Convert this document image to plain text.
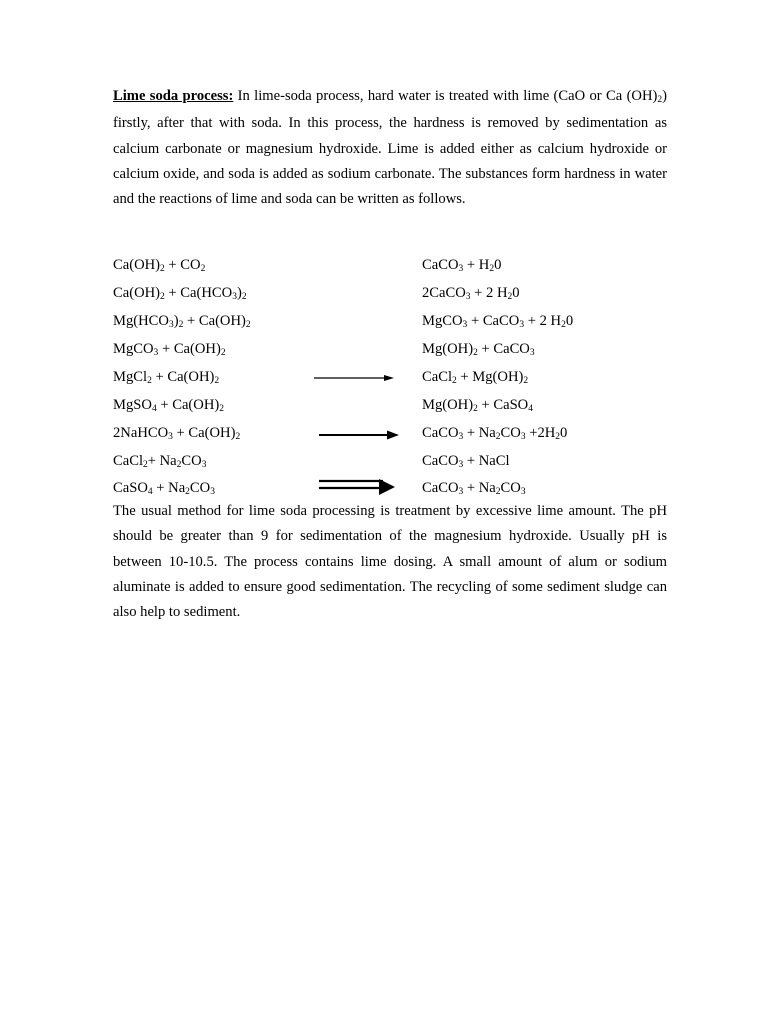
Lime soda process: In lime-soda process, hard water is treated with lime (CaO or Ca $(OH)_2$) firstly, after that with soda. In this process, the hardness is removed by sedimentation as calcium carbonate or magnesium hydroxide. Lime is added either as calcium hydroxide or calcium oxide, and soda is added as sodium carbonate. The substances form hardness in water and the reactions of lime and soda can be written as follows.

$Ca(OH)_2 + CO_2$	CaCO$_3$ + $H_20$
$Ca(OH)_2 + Ca(HCO_3)_2$	2CaCO$_3$ + 2 $H_20$
$Mg(HCO_3)_2 + Ca(OH)_2$	MgCO$_3$ + CaCO$_3$ + 2 $H_20$
MgCO$_3$ + $Ca(OH)_2$	$Mg(OH)_2$ + CaCO$_3$
MgCl$_2$ + $Ca(OH)_2$	CaCl$_2$ + $Mg(OH)_2$
MgSO$_4$ + $Ca(OH)_2$	$Mg(OH)_2$ + CaSO$_4$
2NaHCO$_3$ + $Ca(OH)_2$	CaCO$_3$ + $Na_2CO_3 +2H_20$
CaCl$_2$+ $Na_2CO_3$	CaCO$_3$ + NaCl
CaSO$_4$ + $Na_2CO_3$	CaCO$_3$ + $Na_2CO_3$

The usual method for lime soda processing is treatment by excessive lime amount. The pH should be greater than 9 for sedimentation of the magnesium hydroxide. Usually pH is between 10-10.5. The process contains lime dosing. A small amount of alum or sodium aluminate is added to ensure good sedimentation. The recycling of some sediment sludge can also help to sediment.
